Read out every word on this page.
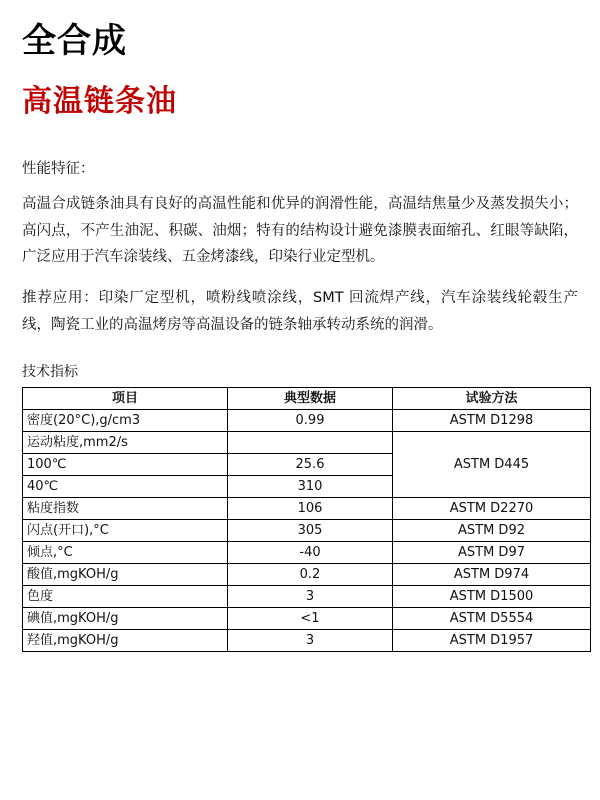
全合成
高温链条油
性能特征：
高温合成链条油具有良好的高温性能和优异的润滑性能，高温结焦量少及蒸发损失小；高闪点，不产生油泥、积碳、油烟；特有的结构设计避免漆膜表面缩孔、红眼等缺陷，广泛应用于汽车涂装线、五金烤漆线，印染行业定型机。
推荐应用：印染厂定型机，喷粉线喷涂线，SMT 回流焊产线，汽车涂装线轮毂生产线，陶瓷工业的高温烤房等高温设备的链条轴承转动系统的润滑。
技术指标
项目	典型数据	试验方法
密度(20°C),g/cm3	0.99	ASTM D1298
运动粘度,mm2/s		ASTM D445
100℃	25.6	
40℃	310	
粘度指数	106	ASTM D2270
闪点(开口),°C	305	ASTM D92
倾点,°C	-40	ASTM D97
酸值,mgKOH/g	0.2	ASTM D974
色度	3	ASTM D1500
碘值,mgKOH/g	<1	ASTM D5554
羟值,mgKOH/g	3	ASTM D1957
